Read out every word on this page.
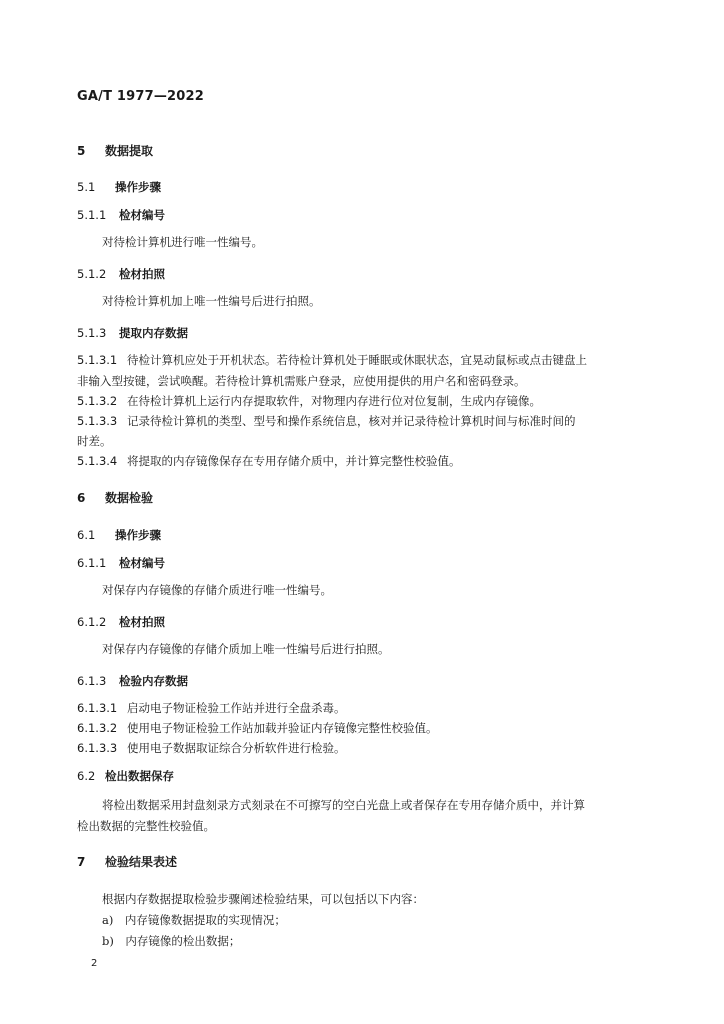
GA/T 1977—2022
5 数据提取
5.1 操作步骤
5.1.1 检材编号
对待检计算机进行唯一性编号。
5.1.2 检材拍照
对待检计算机加上唯一性编号后进行拍照。
5.1.3 提取内存数据
5.1.3.1 待检计算机应处于开机状态。若待检计算机处于睡眠或休眠状态，宜晃动鼠标或点击键盘上
非输入型按键，尝试唤醒。若待检计算机需账户登录，应使用提供的用户名和密码登录。
5.1.3.2 在待检计算机上运行内存提取软件，对物理内存进行位对位复制，生成内存镜像。
5.1.3.3 记录待检计算机的类型、型号和操作系统信息，核对并记录待检计算机时间与标准时间的
时差。
5.1.3.4 将提取的内存镜像保存在专用存储介质中，并计算完整性校验值。
6 数据检验
6.1 操作步骤
6.1.1 检材编号
对保存内存镜像的存储介质进行唯一性编号。
6.1.2 检材拍照
对保存内存镜像的存储介质加上唯一性编号后进行拍照。
6.1.3 检验内存数据
6.1.3.1 启动电子物证检验工作站并进行全盘杀毒。
6.1.3.2 使用电子物证检验工作站加载并验证内存镜像完整性校验值。
6.1.3.3 使用电子数据取证综合分析软件进行检验。
6.2 检出数据保存
将检出数据采用封盘刻录方式刻录在不可擦写的空白光盘上或者保存在专用存储介质中，并计算
检出数据的完整性校验值。
7 检验结果表述
根据内存数据提取检验步骤阐述检验结果，可以包括以下内容：
a)　内存镜像数据提取的实现情况；
b)　内存镜像的检出数据；
2
